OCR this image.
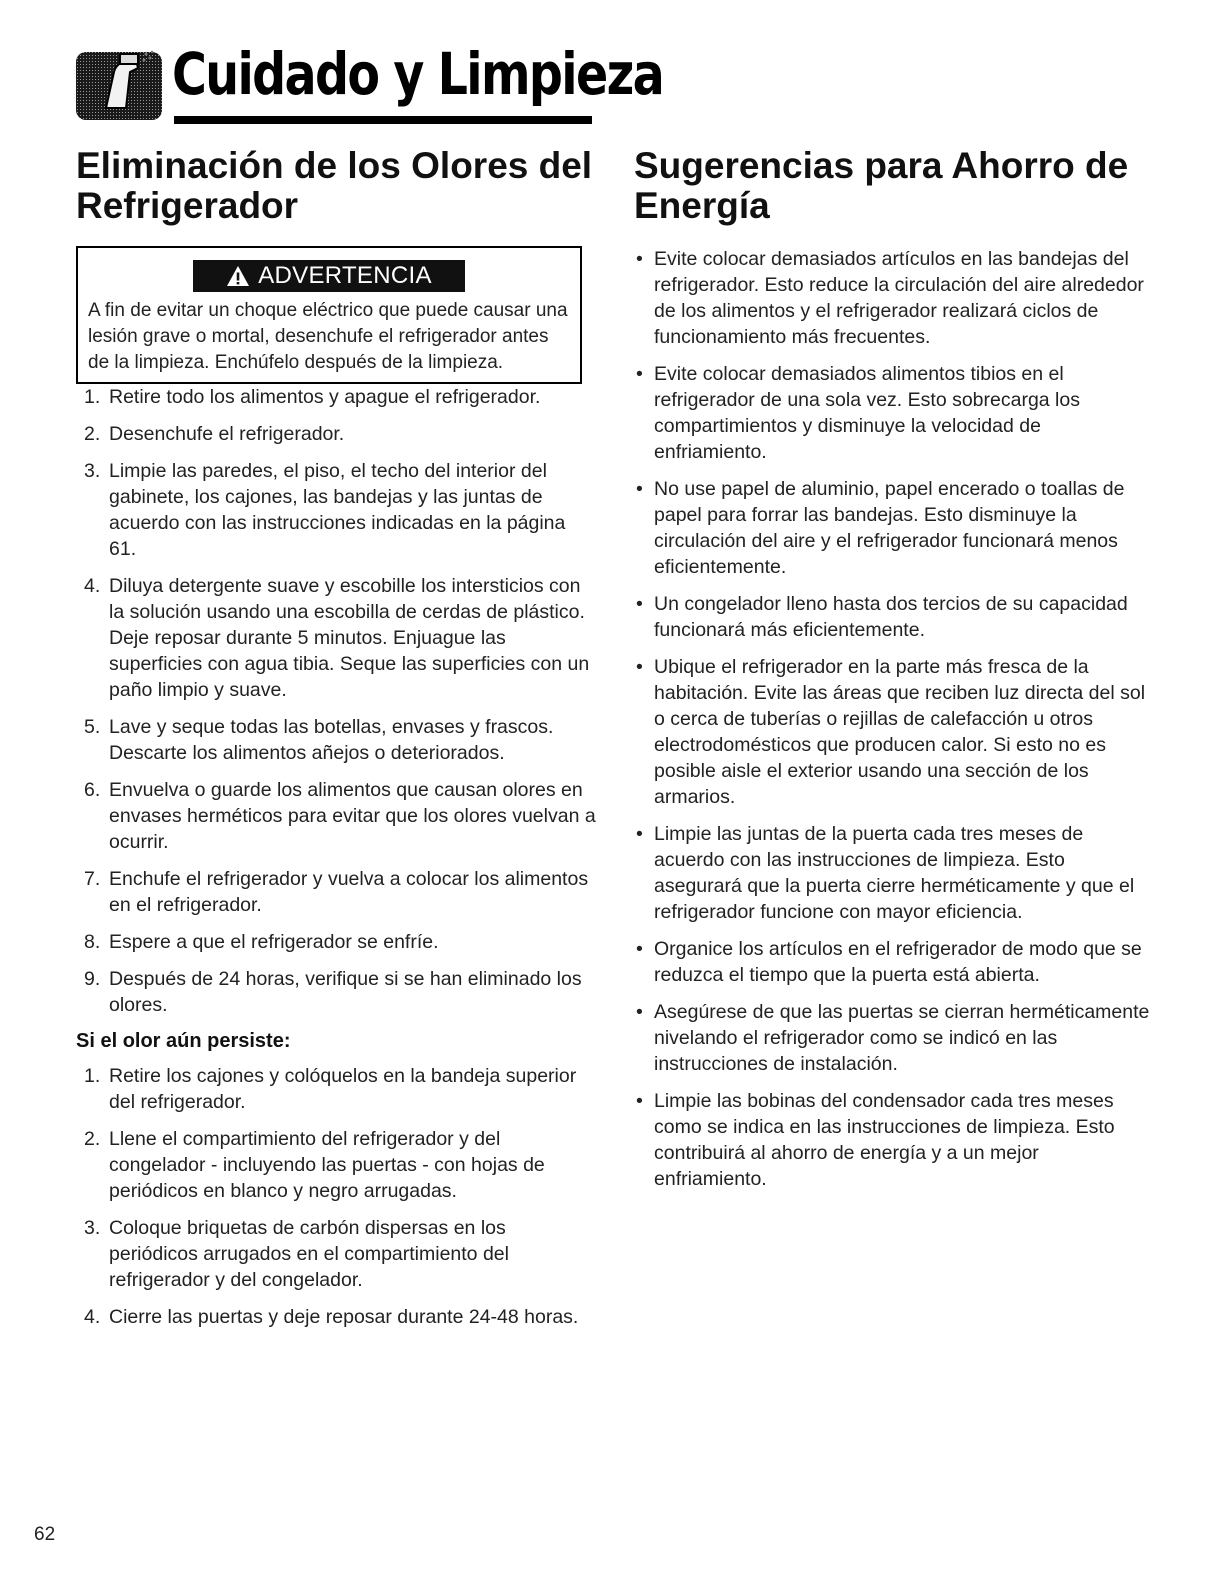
Cuidado y Limpieza
Eliminación de los Olores del Refrigerador
ADVERTENCIA
A fin de evitar un choque eléctrico que puede causar una lesión grave o mortal, desenchufe el refrigerador antes de la limpieza. Enchúfelo después de la limpieza.
1. Retire todo los alimentos y apague el refrigerador.
2. Desenchufe el refrigerador.
3. Limpie las paredes, el piso, el techo del interior del gabinete, los cajones, las bandejas y las juntas de acuerdo con las instrucciones indicadas en la página 61.
4. Diluya detergente suave y escobille los intersticios con la solución usando una escobilla de cerdas de plástico. Deje reposar durante 5 minutos. Enjuague las superficies con agua tibia. Seque las superficies con un paño limpio y suave.
5. Lave y seque todas las botellas, envases y frascos. Descarte los alimentos añejos o deteriorados.
6. Envuelva o guarde los alimentos que causan olores en envases herméticos para evitar que los olores vuelvan a ocurrir.
7. Enchufe el refrigerador y vuelva a colocar los alimentos en el refrigerador.
8. Espere a que el refrigerador se enfríe.
9. Después de 24 horas, verifique si se han eliminado los olores.
Si el olor aún persiste:
1. Retire los cajones y colóquelos en la bandeja superior del refrigerador.
2. Llene el compartimiento del refrigerador y del congelador - incluyendo las puertas - con hojas de periódicos en blanco y negro arrugadas.
3. Coloque briquetas de carbón dispersas en los periódicos arrugados en el compartimiento del refrigerador y del congelador.
4. Cierre las puertas y deje reposar durante 24-48 horas.
Sugerencias para Ahorro de Energía
• Evite colocar demasiados artículos en las bandejas del refrigerador. Esto reduce la circulación del aire alrededor de los alimentos y el refrigerador realizará ciclos de funcionamiento más frecuentes.
• Evite colocar demasiados alimentos tibios en el refrigerador de una sola vez. Esto sobrecarga los compartimientos y disminuye la velocidad de enfriamiento.
• No use papel de aluminio, papel encerado o toallas de papel para forrar las bandejas. Esto disminuye la circulación del aire y el refrigerador funcionará menos eficientemente.
• Un congelador lleno hasta dos tercios de su capacidad funcionará más eficientemente.
• Ubique el refrigerador en la parte más fresca de la habitación. Evite las áreas que reciben luz directa del sol o cerca de tuberías o rejillas de calefacción u otros electrodomésticos que producen calor. Si esto no es posible aisle el exterior usando una sección de los armarios.
• Limpie las juntas de la puerta cada tres meses de acuerdo con las instrucciones de limpieza. Esto asegurará que la puerta cierre herméticamente y que el refrigerador funcione con mayor eficiencia.
• Organice los artículos en el refrigerador de modo que se reduzca el tiempo que la puerta está abierta.
• Asegúrese de que las puertas se cierran herméticamente nivelando el refrigerador como se indicó en las instrucciones de instalación.
• Limpie las bobinas del condensador cada tres meses como se indica en las instrucciones de limpieza. Esto contribuirá al ahorro de energía y a un mejor enfriamiento.
62
